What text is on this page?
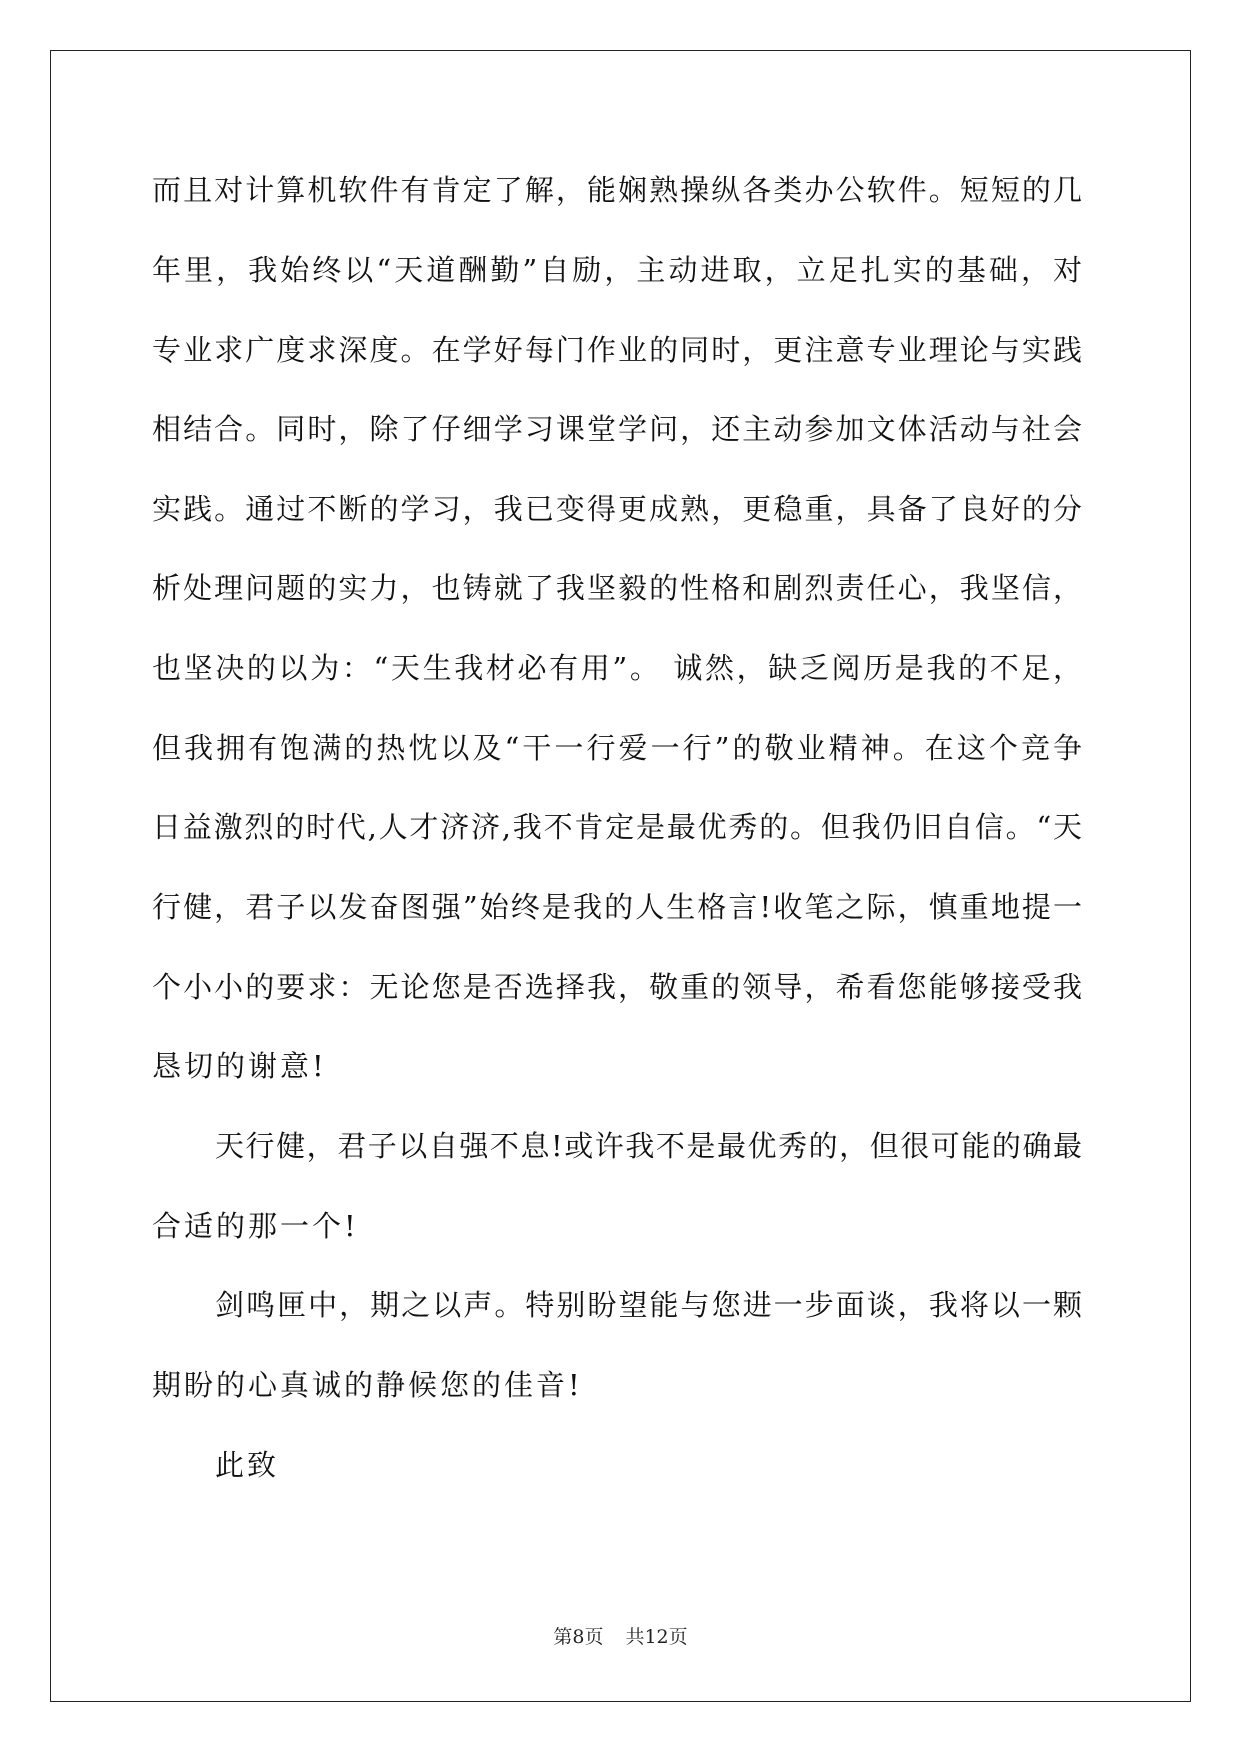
而且对计算机软件有肯定了解，能娴熟操纵各类办公软件。短短的几
年里，我始终以“天道酬勤”自励，主动进取，立足扎实的基础，对
专业求广度求深度。在学好每门作业的同时，更注意专业理论与实践
相结合。同时，除了仔细学习课堂学问，还主动参加文体活动与社会
实践。通过不断的学习，我已变得更成熟，更稳重，具备了良好的分
析处理问题的实力，也铸就了我坚毅的性格和剧烈责任心，我坚信，
也坚决的以为：“天生我材必有用”。 诚然，缺乏阅历是我的不足，
但我拥有饱满的热忱以及“干一行爱一行”的敬业精神。在这个竞争
日益激烈的时代,人才济济,我不肯定是最优秀的。但我仍旧自信。“天
行健，君子以发奋图强”始终是我的人生格言!收笔之际，慎重地提一
个小小的要求：无论您是否选择我，敬重的领导，希看您能够接受我
恳切的谢意!
天行健，君子以自强不息!或许我不是最优秀的，但很可能的确最
合适的那一个!
剑鸣匣中，期之以声。特别盼望能与您进一步面谈，我将以一颗
期盼的心真诚的静候您的佳音!
此致
第8页 共12页
